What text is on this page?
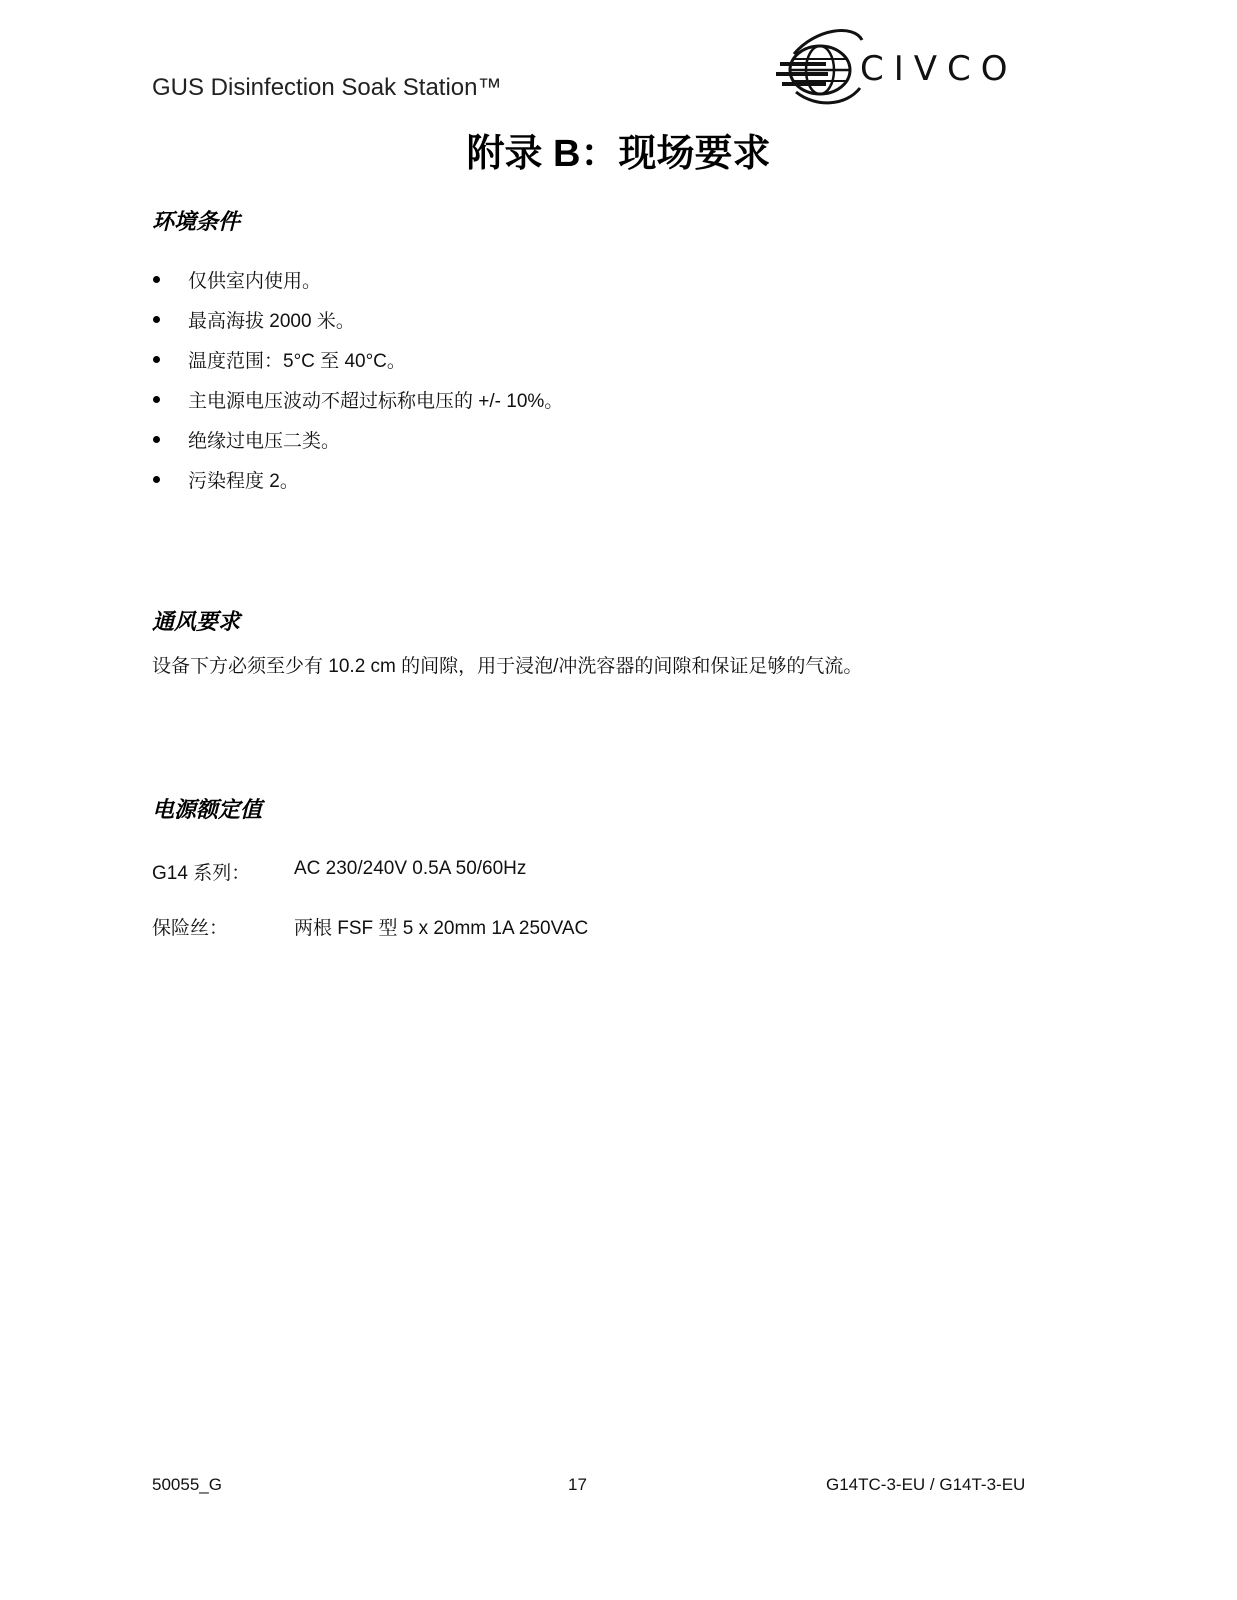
GUS Disinfection Soak Station™	CIVCO
附录 B：现场要求
环境条件
仅供室内使用。
最高海拔 2000 米。
温度范围：5°C 至 40°C。
主电源电压波动不超过标称电压的 +/- 10%。
绝缘过电压二类。
污染程度 2。
通风要求
设备下方必须至少有 10.2 cm 的间隙，用于浸泡/冲洗容器的间隙和保证足够的气流。
电源额定值
G14 系列：	AC 230/240V 0.5A 50/60Hz
保险丝：	两根 FSF 型 5 x 20mm 1A 250VAC
50055_G	17	G14TC-3-EU / G14T-3-EU
